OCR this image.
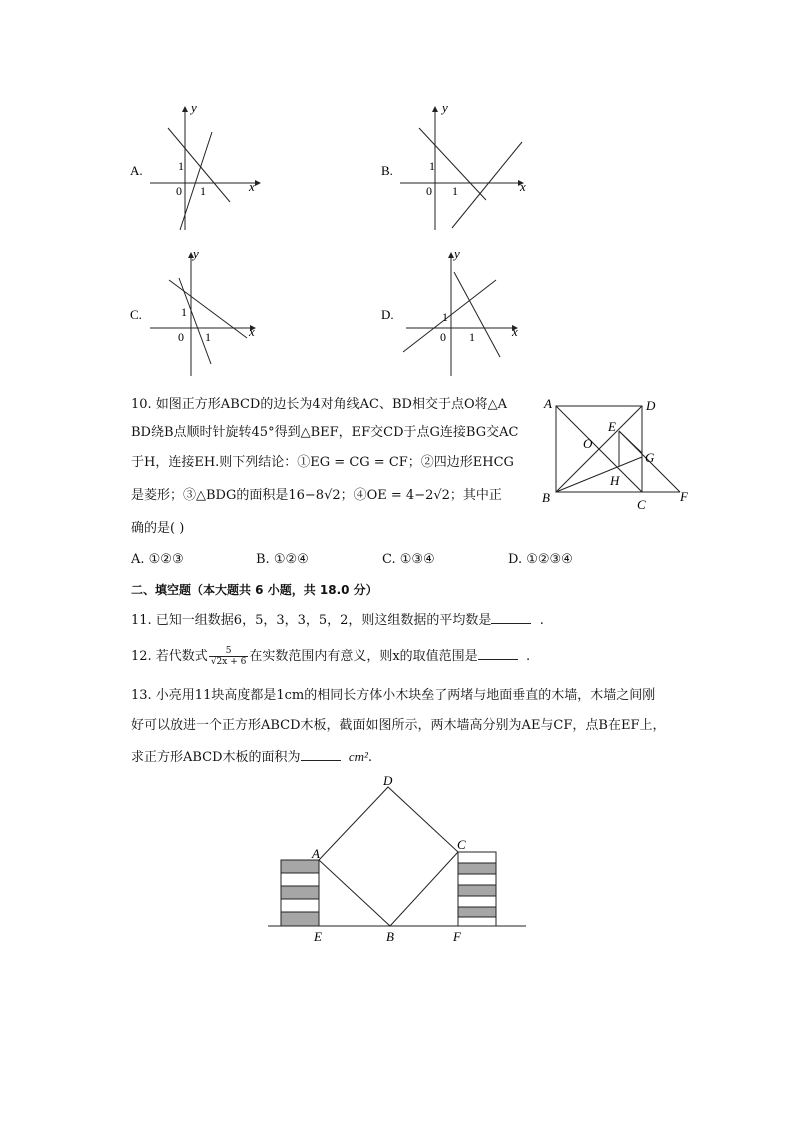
A.
y
x
0 1
1	B.
y
x
0 1
1
C.
y
x
0 1
1	D.
y
x
0 1
1
10. 如图正方形ABCD的边长为4对角线AC、BD相交于点O将△A
BD绕B点顺时针旋转45°得到△BEF，EF交CD于点G连接BG交AC
于H，连接EH.则下列结论：①EG = CG = CF；②四边形EHCG
是菱形；③△BDG的面积是16−8√2；④OE = 4−2√2；其中正
确的是( )
A	D
B	C
E
F
G
H
O
A. ①②③	B. ①②④	C. ①③④	D. ①②③④
二、填空题（本大题共 6 小题，共 18.0 分）
11. 已知一组数据6，5，3，3，5，2，则这组数据的平均数是	.
12. 若代数式 $\frac{5}{√2x + 6}$ 在实数范围内有意义，则x的取值范围是	.
13. 小亮用11块高度都是1cm的相同长方体小木块垒了两堵与地面垂直的木墙，木墙之间刚
好可以放进一个正方形ABCD木板，截面如图所示，两木墙高分别为AE与CF，点B在EF上，
求正方形ABCD木板的面积为	cm².
A
D
C
B
E	F
